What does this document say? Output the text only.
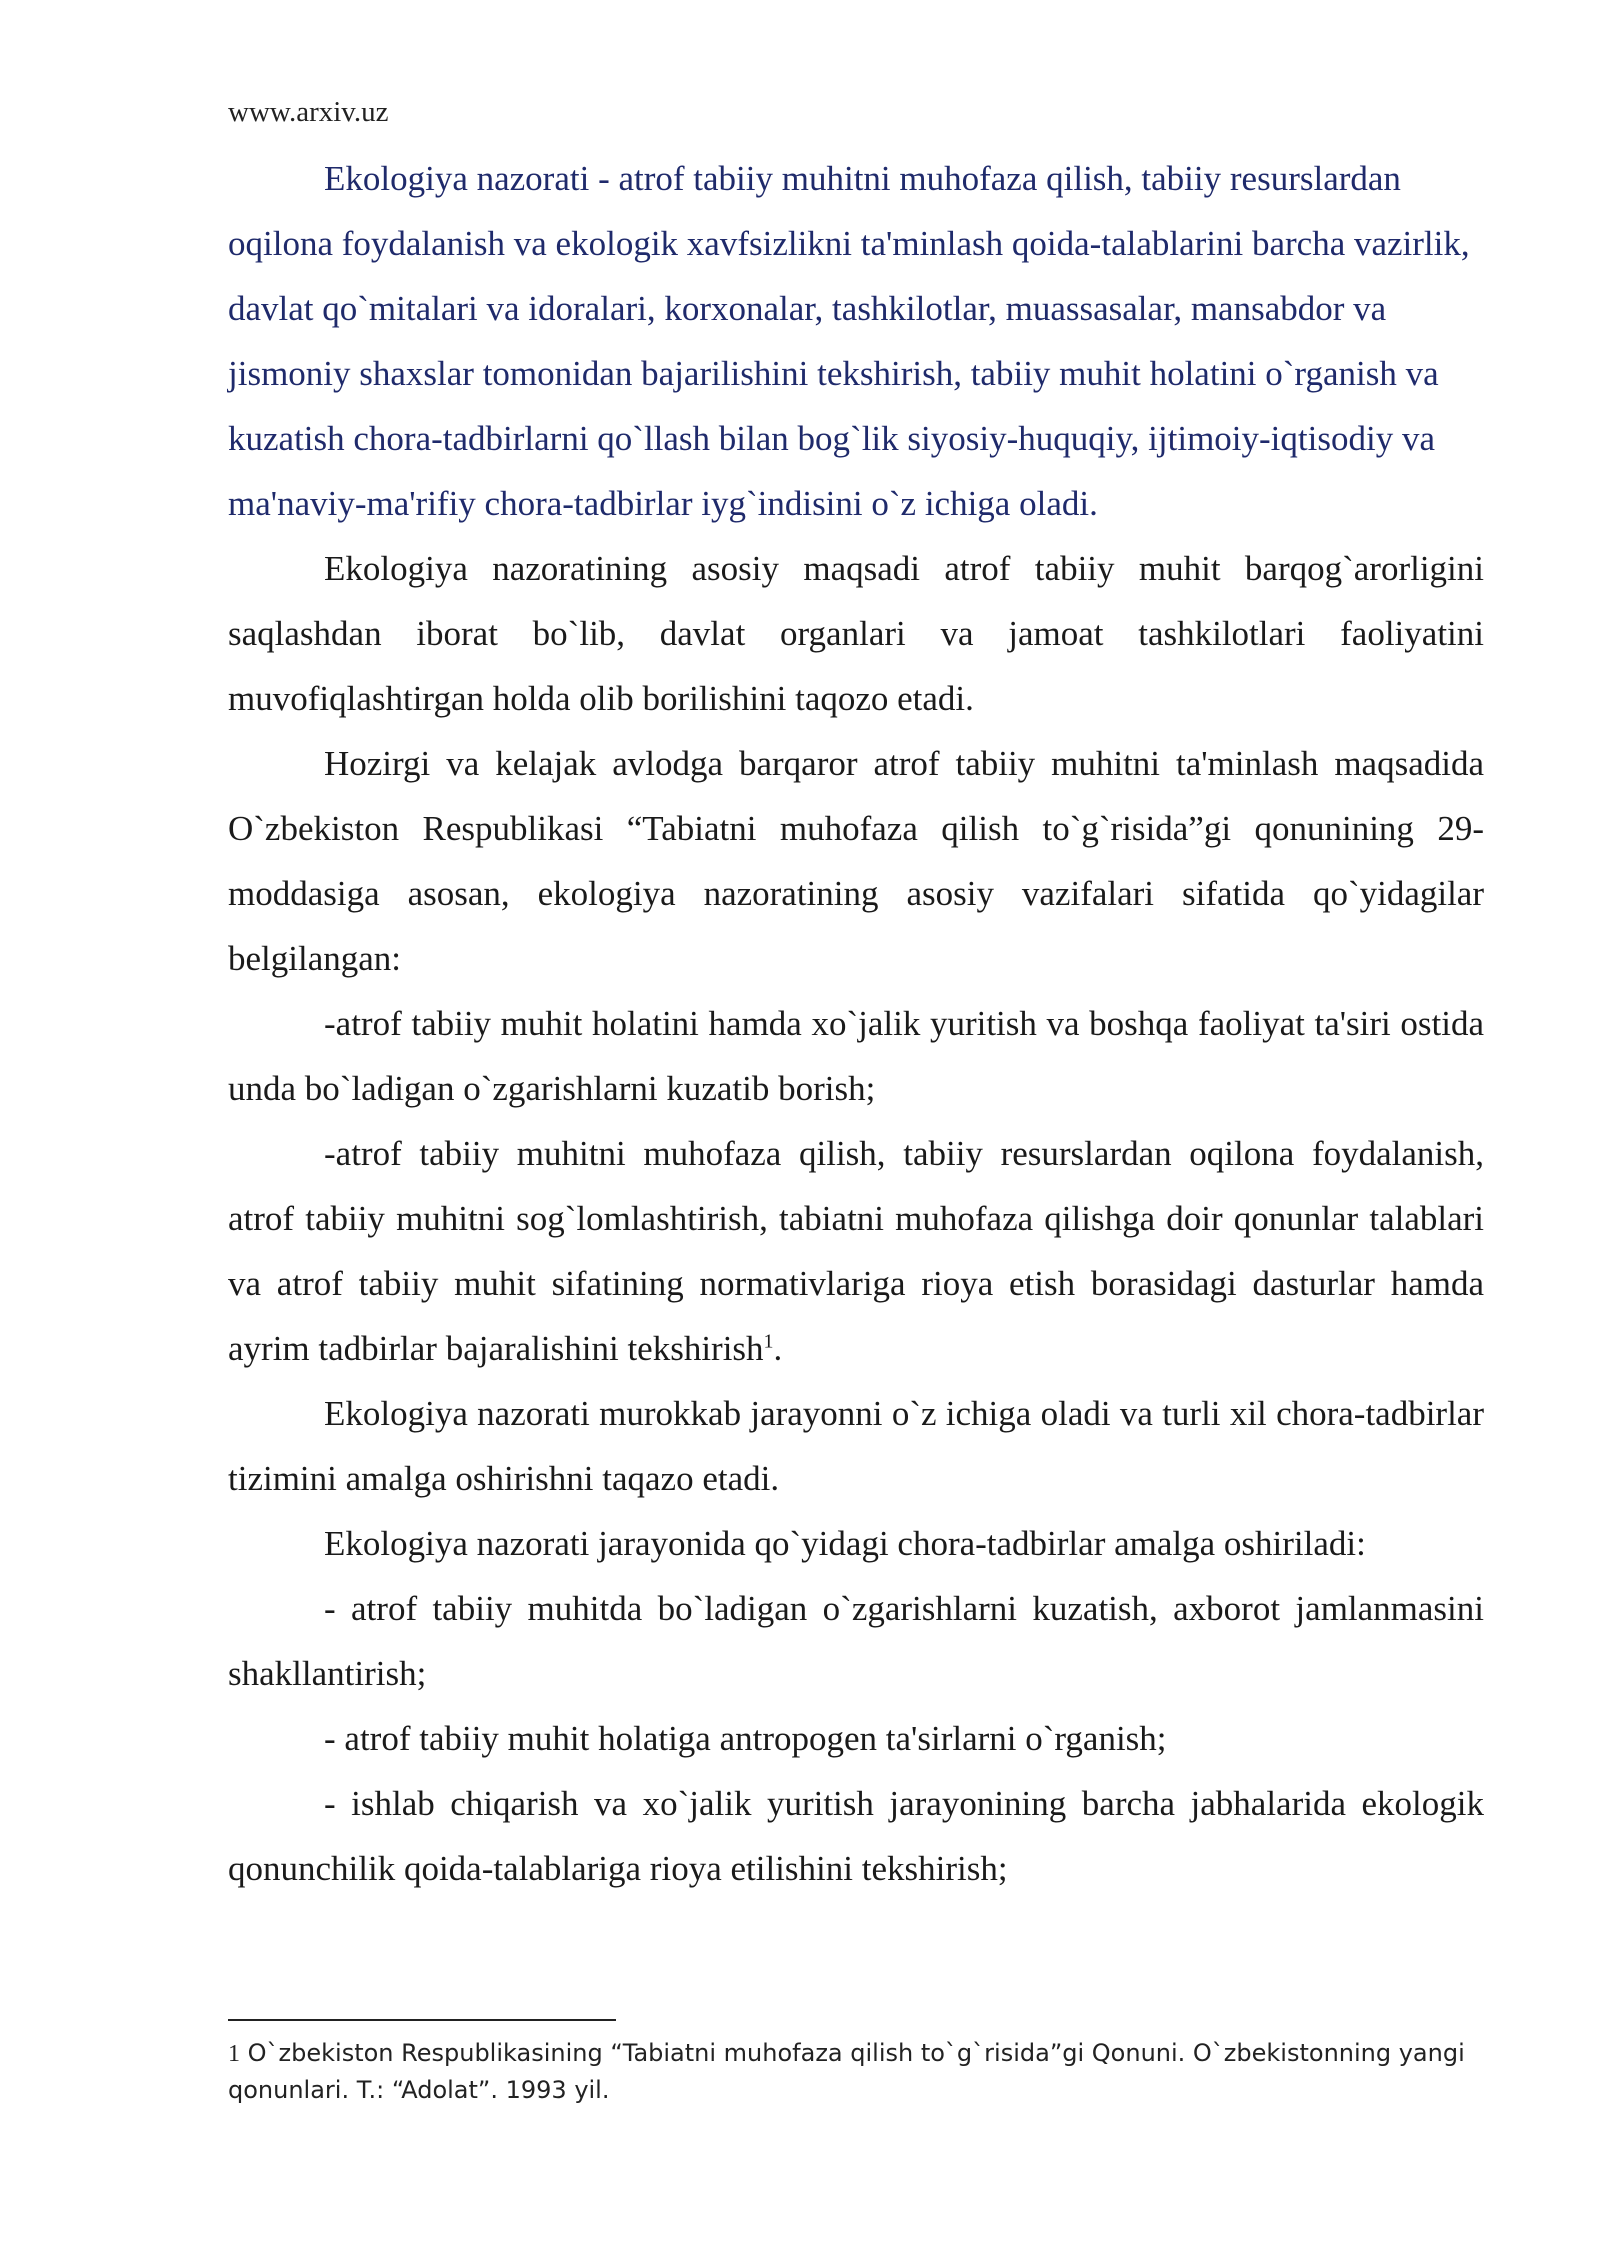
www.arxiv.uz

Ekologiya nazorati - atrof tabiiy muhitni muhofaza qilish, tabiiy resurslardan oqilona foydalanish va ekologik xavfsizlikni ta'minlash qoida-talablarini barcha vazirlik, davlat qo`mitalari va idoralari, korxonalar, tashkilotlar, muassasalar, mansabdor va jismoniy shaxslar tomonidan bajarilishini tekshirish, tabiiy muhit holatini o`rganish va kuzatish chora-tadbirlarni qo`llash bilan bog`lik siyosiy-huquqiy, ijtimoiy-iqtisodiy va ma'naviy-ma'rifiy chora-tadbirlar iyg`indisini o`z ichiga oladi.

Ekologiya nazoratining asosiy maqsadi atrof tabiiy muhit barqog`arorligini saqlashdan iborat bo`lib, davlat organlari va jamoat tashkilotlari faoliyatini muvofiqlashtirgan holda olib borilishini taqozo etadi.

Hozirgi va kelajak avlodga barqaror atrof tabiiy muhitni ta'minlash maqsadida O`zbekiston Respublikasi “Tabiatni muhofaza qilish to`g`risida”gi qonunining 29-moddasiga asosan, ekologiya nazoratining asosiy vazifalari sifatida qo`yidagilar belgilangan:

-atrof tabiiy muhit holatini hamda xo`jalik yuritish va boshqa faoliyat ta'siri ostida unda bo`ladigan o`zgarishlarni kuzatib borish;

-atrof tabiiy muhitni muhofaza qilish, tabiiy resurslardan oqilona foydalanish, atrof tabiiy muhitni sog`lomlashtirish, tabiatni muhofaza qilishga doir qonunlar talablari va atrof tabiiy muhit sifatining normativlariga rioya etish borasidagi dasturlar hamda ayrim tadbirlar bajaralishini tekshirish$^1$.

Ekologiya nazorati murokkab jarayonni o`z ichiga oladi va turli xil chora-tadbirlar tizimini amalga oshirishni taqazo etadi.

Ekologiya nazorati jarayonida qo`yidagi chora-tadbirlar amalga oshiriladi:

- atrof tabiiy muhitda bo`ladigan o`zgarishlarni kuzatish, axborot jamlanmasini shakllantirish;

- atrof tabiiy muhit holatiga antropogen ta'sirlarni o`rganish;

- ishlab chiqarish va xo`jalik yuritish jarayonining barcha jabhalarida ekologik qonunchilik qoida-talablariga rioya etilishini tekshirish;

1 O`zbekiston Respublikasining “Tabiatni muhofaza qilish to`g`risida”gi Qonuni. O`zbekistonning yangi qonunlari. T.: “Adolat”. 1993 yil.
